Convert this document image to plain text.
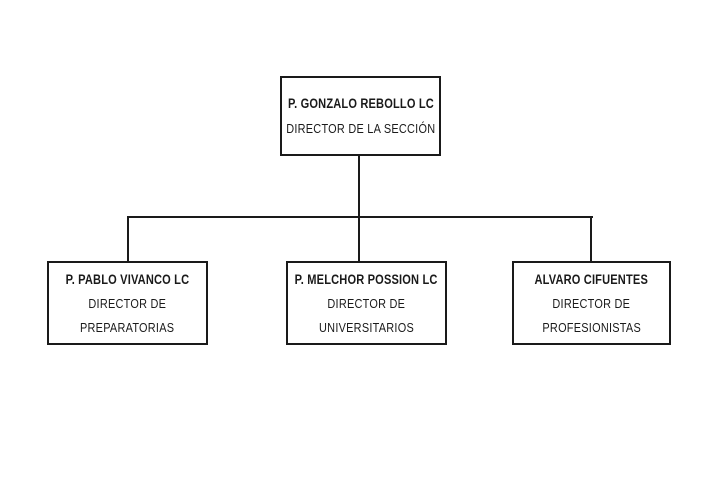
P. GONZALO REBOLLO LC
DIRECTOR DE LA SECCIÓN
P. PABLO VIVANCO LC
DIRECTOR DE
PREPARATORIAS
P. MELCHOR POSSION LC
DIRECTOR DE
UNIVERSITARIOS
ALVARO CIFUENTES
DIRECTOR DE
PROFESIONISTAS
